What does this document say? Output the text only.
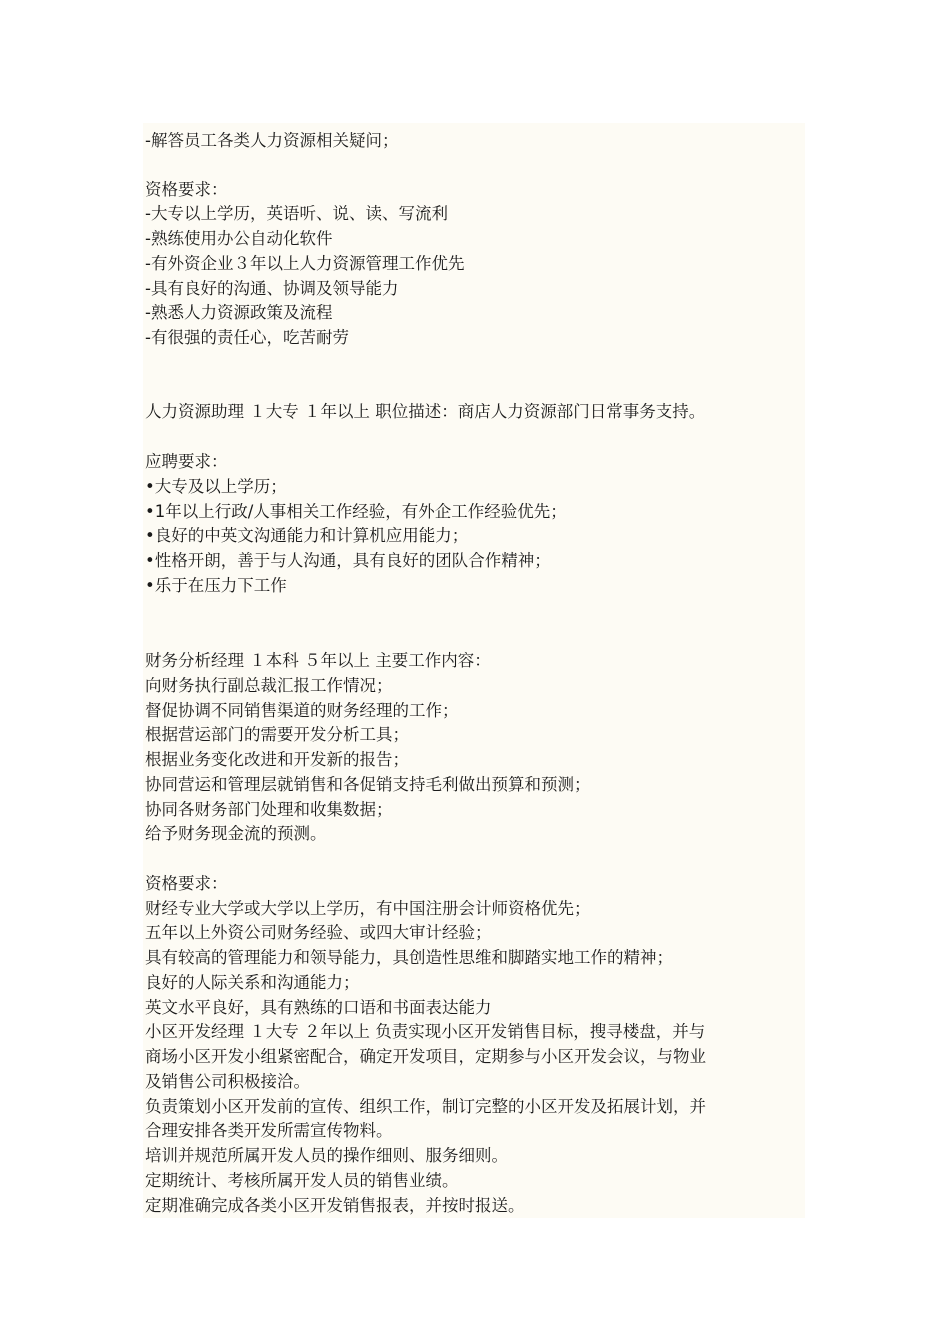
-解答员工各类人力资源相关疑问；

资格要求：

-大专以上学历，英语听、说、读、写流利

-熟练使用办公自动化软件

-有外资企业３年以上人力资源管理工作优先

-具有良好的沟通、协调及领导能力

-熟悉人力资源政策及流程

-有很强的责任心，吃苦耐劳

人力资源助理 １大专 １年以上 职位描述：商店人力资源部门日常事务支持。

应聘要求：

•大专及以上学历；

•1年以上行政/人事相关工作经验，有外企工作经验优先；

•良好的中英文沟通能力和计算机应用能力；

•性格开朗，善于与人沟通，具有良好的团队合作精神；

•乐于在压力下工作

财务分析经理 １本科 ５年以上 主要工作内容：

向财务执行副总裁汇报工作情况；

督促协调不同销售渠道的财务经理的工作；

根据营运部门的需要开发分析工具；

根据业务变化改进和开发新的报告；

协同营运和管理层就销售和各促销支持毛利做出预算和预测；

协同各财务部门处理和收集数据；

给予财务现金流的预测。

资格要求：

财经专业大学或大学以上学历，有中国注册会计师资格优先；

五年以上外资公司财务经验、或四大审计经验；

具有较高的管理能力和领导能力，具创造性思维和脚踏实地工作的精神；

良好的人际关系和沟通能力；

英文水平良好，具有熟练的口语和书面表达能力

小区开发经理 １大专 ２年以上 负责实现小区开发销售目标，搜寻楼盘，并与

商场小区开发小组紧密配合，确定开发项目，定期参与小区开发会议，与物业

及销售公司积极接洽。

负责策划小区开发前的宣传、组织工作，制订完整的小区开发及拓展计划，并

合理安排各类开发所需宣传物料。

培训并规范所属开发人员的操作细则、服务细则。

定期统计、考核所属开发人员的销售业绩。

定期准确完成各类小区开发销售报表，并按时报送。
